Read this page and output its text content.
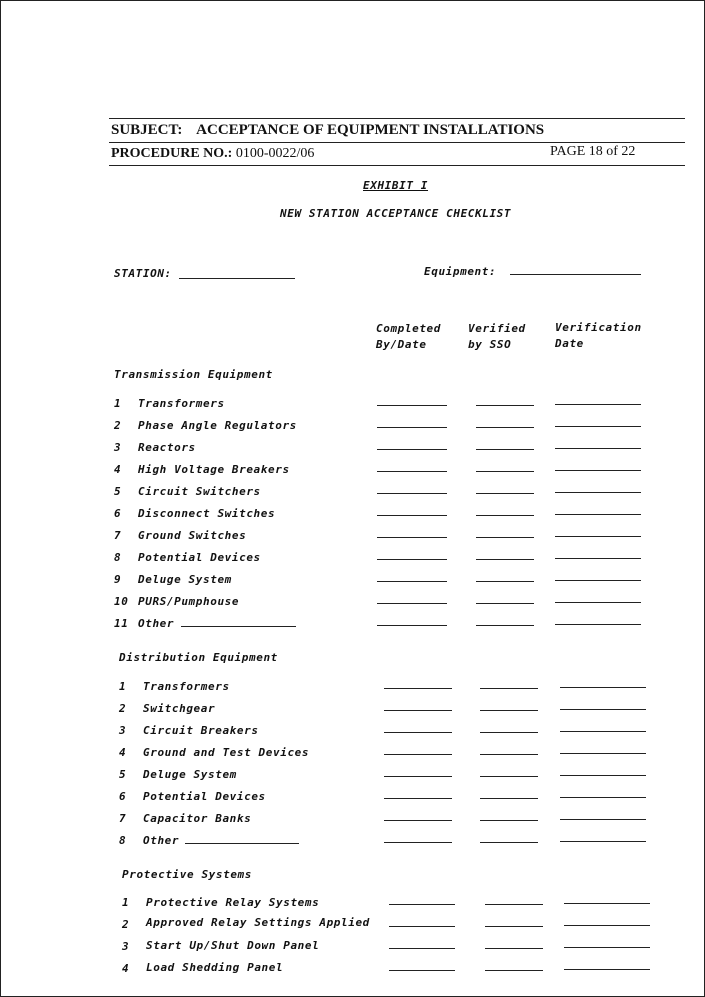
SUBJECT: ACCEPTANCE OF EQUIPMENT INSTALLATIONS
PROCEDURE NO.: 0100-0022/06	PAGE 18 of 22
EXHIBIT I
NEW STATION ACCEPTANCE CHECKLIST
STATION:	Equipment:
Completed
By/Date
Verified
by SSO
Verification
Date
Transmission Equipment
1 Transformers
2 Phase Angle Regulators
3 Reactors
4 High Voltage Breakers
5 Circuit Switchers
6 Disconnect Switches
7 Ground Switches
8 Potential Devices
9 Deluge System
10 PURS/Pumphouse
11 Other
Distribution Equipment
1 Transformers
2 Switchgear
3 Circuit Breakers
4 Ground and Test Devices
5 Deluge System
6 Potential Devices
7 Capacitor Banks
8 Other
Protective Systems
1 Protective Relay Systems
2 Approved Relay Settings Applied
3 Start Up/Shut Down Panel
4 Load Shedding Panel
